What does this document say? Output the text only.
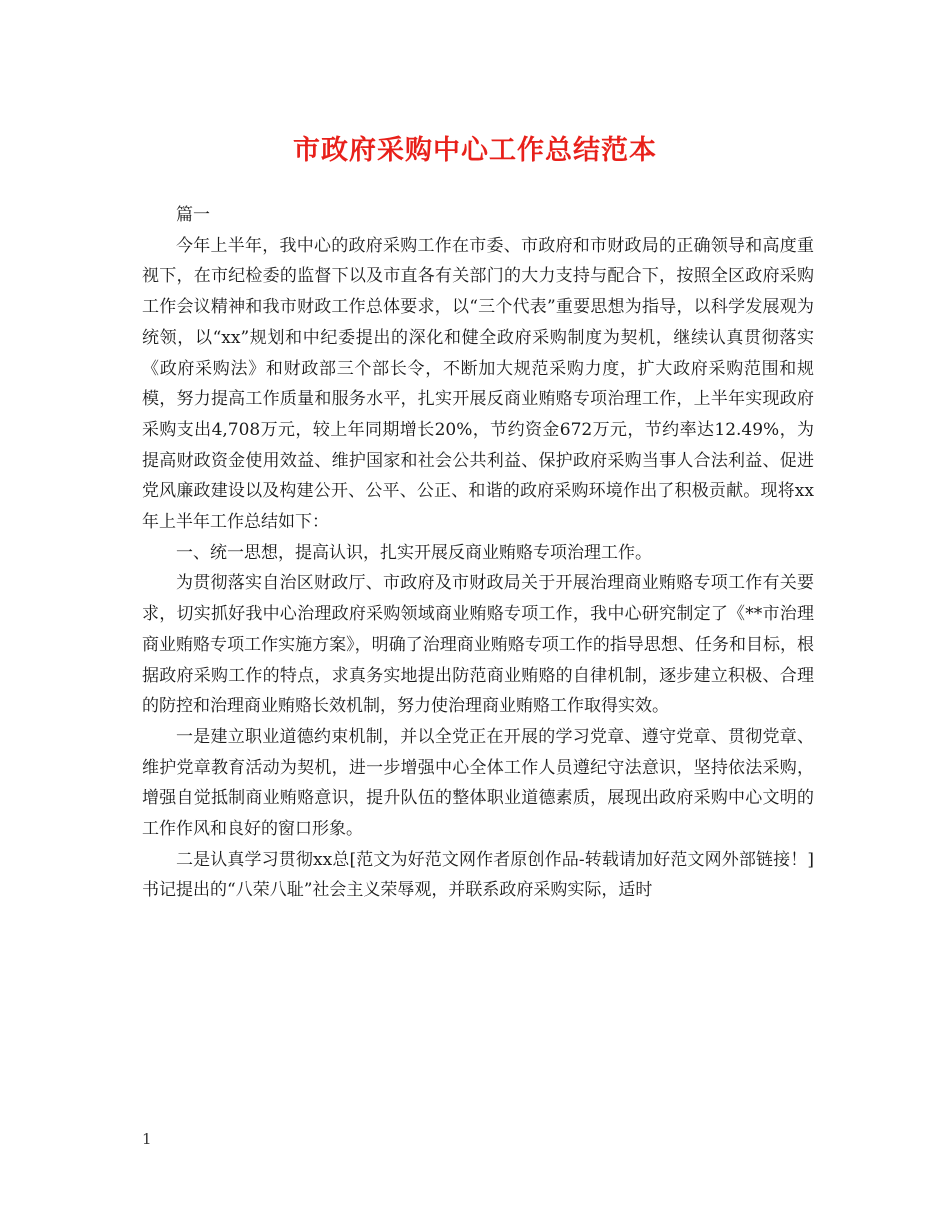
市政府采购中心工作总结范本

篇一

今年上半年，我中心的政府采购工作在市委、市政府和市财政局的正确领导和高度重视下，在市纪检委的监督下以及市直各有关部门的大力支持与配合下，按照全区政府采购工作会议精神和我市财政工作总体要求，以“三个代表”重要思想为指导，以科学发展观为统领，以“xx”规划和中纪委提出的深化和健全政府采购制度为契机，继续认真贯彻落实《政府采购法》和财政部三个部长令，不断加大规范采购力度，扩大政府采购范围和规模，努力提高工作质量和服务水平，扎实开展反商业贿赂专项治理工作，上半年实现政府采购支出4,708万元，较上年同期增长20%，节约资金672万元，节约率达12.49%，为提高财政资金使用效益、维护国家和社会公共利益、保护政府采购当事人合法利益、促进党风廉政建设以及构建公开、公平、公正、和谐的政府采购环境作出了积极贡献。现将xx年上半年工作总结如下：

一、统一思想，提高认识，扎实开展反商业贿赂专项治理工作。

为贯彻落实自治区财政厅、市政府及市财政局关于开展治理商业贿赂专项工作有关要求，切实抓好我中心治理政府采购领域商业贿赂专项工作，我中心研究制定了《**市治理商业贿赂专项工作实施方案》，明确了治理商业贿赂专项工作的指导思想、任务和目标，根据政府采购工作的特点，求真务实地提出防范商业贿赂的自律机制，逐步建立积极、合理的防控和治理商业贿赂长效机制，努力使治理商业贿赂工作取得实效。

一是建立职业道德约束机制，并以全党正在开展的学习党章、遵守党章、贯彻党章、维护党章教育活动为契机，进一步增强中心全体工作人员遵纪守法意识，坚持依法采购，增强自觉抵制商业贿赂意识，提升队伍的整体职业道德素质，展现出政府采购中心文明的工作作风和良好的窗口形象。

二是认真学习贯彻xx总[范文为好范文网作者原创作品-转载请加好范文网外部链接！]书记提出的“八荣八耻”社会主义荣辱观，并联系政府采购实际，适时

1
